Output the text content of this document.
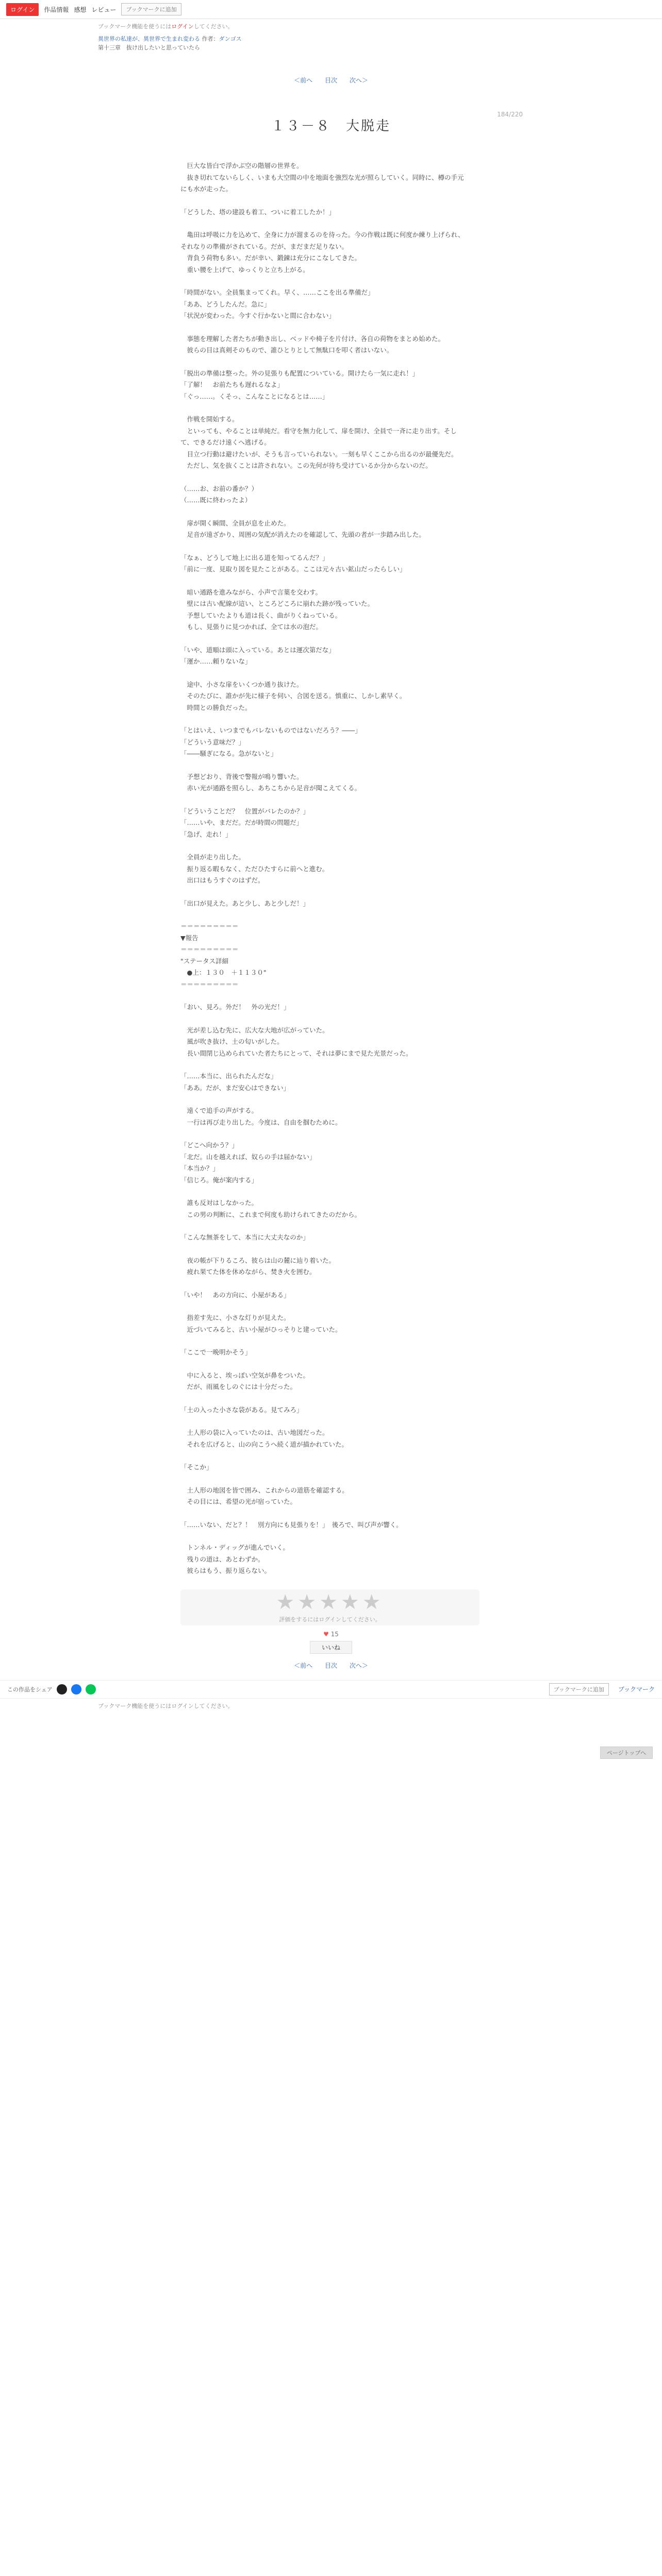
ログイン	作品情報 感想 レビュー	ブックマークに追加
ブックマーク機能を使うにはログインしてください。
異世界の私達が、異世界で生まれ変わる 作者：ダンゴス
第十三章　抜け出したいと思っていたら
＜前へ 目次 次へ＞
184/220
１３－８　大脱走

　巨大な皆白で浮かぶ空の階層の世界を。
　抜き切れてないらしく、いまも大空間の中を地面を強烈な光が照らしていく。同時に、樽の手元にも水が走った。

「どうした、塔の建設も着工、ついに着工したか！」

　亀田は呼吸に力を込めて、全身に力が溜まるのを待った。今の作戦は既に何度か練り上げられ、それなりの準備がされている。だが、まだまだ足りない。
　背負う荷物も多い。だが幸い、鍛錬は充分にこなしてきた。
　重い腰を上げて、ゆっくりと立ち上がる。

「時間がない。全員集まってくれ。早く、……ここを出る準備だ」
「ああ、どうしたんだ。急に」
「状況が変わった。今すぐ行かないと間に合わない」

　事態を理解した者たちが動き出し、ベッドや椅子を片付け、各自の荷物をまとめ始めた。
　彼らの目は真剣そのもので、誰ひとりとして無駄口を叩く者はいない。

「脱出の準備は整った。外の見張りも配置についている。開けたら一気に走れ！」
「了解！　お前たちも遅れるなよ」
「ぐっ……。くそっ、こんなことになるとは……」

　作戦を開始する。
　といっても、やることは単純だ。看守を無力化して、扉を開け、全員で一斉に走り出す。そして、できるだけ遠くへ逃げる。
　目立つ行動は避けたいが、そうも言っていられない。一刻も早くここから出るのが最優先だ。
　ただし、気を抜くことは許されない。この先何が待ち受けているか分からないのだ。

（……お、お前の番か？）
（……既に終わったよ）

　扉が開く瞬間、全員が息を止めた。
　足音が遠ざかり、周囲の気配が消えたのを確認して、先頭の者が一歩踏み出した。

「なぁ、どうして地上に出る道を知ってるんだ？」
「前に一度、見取り図を見たことがある。ここは元々古い鉱山だったらしい」

　暗い通路を進みながら、小声で言葉を交わす。
　壁には古い配線が這い、ところどころに崩れた跡が残っていた。
　予想していたよりも道は長く、曲がりくねっている。
　もし、見張りに見つかれば、全ては水の泡だ。

「いや、道順は頭に入っている。あとは運次第だな」
「運か……頼りないな」

　途中、小さな扉をいくつか通り抜けた。
　そのたびに、誰かが先に様子を伺い、合図を送る。慎重に、しかし素早く。
　時間との勝負だった。

「とはいえ、いつまでもバレないものではないだろう？――」
「どういう意味だ？」
「――騒ぎになる。急がないと」

　予想どおり、背後で警報が鳴り響いた。
　赤い光が通路を照らし、あちこちから足音が聞こえてくる。

「どういうことだ？　位置がバレたのか？」
「……いや、まだだ。だが時間の問題だ」
「急げ、走れ！」

　全員が走り出した。
　振り返る暇もなく、ただひたすらに前へと進む。
　出口はもうすぐのはずだ。

「出口が見えた。あと少し、あと少しだ！」

＝＝＝＝＝＝＝＝＝
▼報告
＝＝＝＝＝＝＝＝＝
"ステータス詳細
　●上：１３０　＋１１３０"
＝＝＝＝＝＝＝＝＝

「おい、見ろ。外だ！　外の光だ！」

　光が差し込む先に、広大な大地が広がっていた。
　風が吹き抜け、土の匂いがした。
　長い間閉じ込められていた者たちにとって、それは夢にまで見た光景だった。

「……本当に、出られたんだな」
「ああ。だが、まだ安心はできない」

　遠くで追手の声がする。
　一行は再び走り出した。今度は、自由を掴むために。

「どこへ向かう？」
「北だ。山を越えれば、奴らの手は届かない」
「本当か？」
「信じろ。俺が案内する」

　誰も反対はしなかった。
　この男の判断に、これまで何度も助けられてきたのだから。

「こんな無茶をして、本当に大丈夫なのか」

　夜の帳が下りるころ、彼らは山の麓に辿り着いた。
　疲れ果てた体を休めながら、焚き火を囲む。

「いや！　あの方向に、小屋がある」

　指差す先に、小さな灯りが見えた。
　近づいてみると、古い小屋がひっそりと建っていた。

「ここで一晩明かそう」

　中に入ると、埃っぽい空気が鼻をついた。
　だが、雨風をしのぐには十分だった。

「土の入った小さな袋がある。見てみろ」

　土人形の袋に入っていたのは、古い地図だった。
　それを広げると、山の向こうへ続く道が描かれていた。

「そこか」

　土人形の地図を皆で囲み、これからの道筋を確認する。
　その目には、希望の光が宿っていた。

「……いない、だと？！　別方向にも見張りを！」　後ろで、叫び声が響く。

　トンネル・ディッグが進んでいく。
　残りの道は、あとわずか。
　彼らはもう、振り返らない。

ページトップへ
★★★★★
評価をするにはログインしてください。
♥ 15
いいね
＜前へ 目次 次へ＞
この作品をシェア	ブックマークに追加	ブックマーク
ブックマーク機能を使うにはログインしてください。
